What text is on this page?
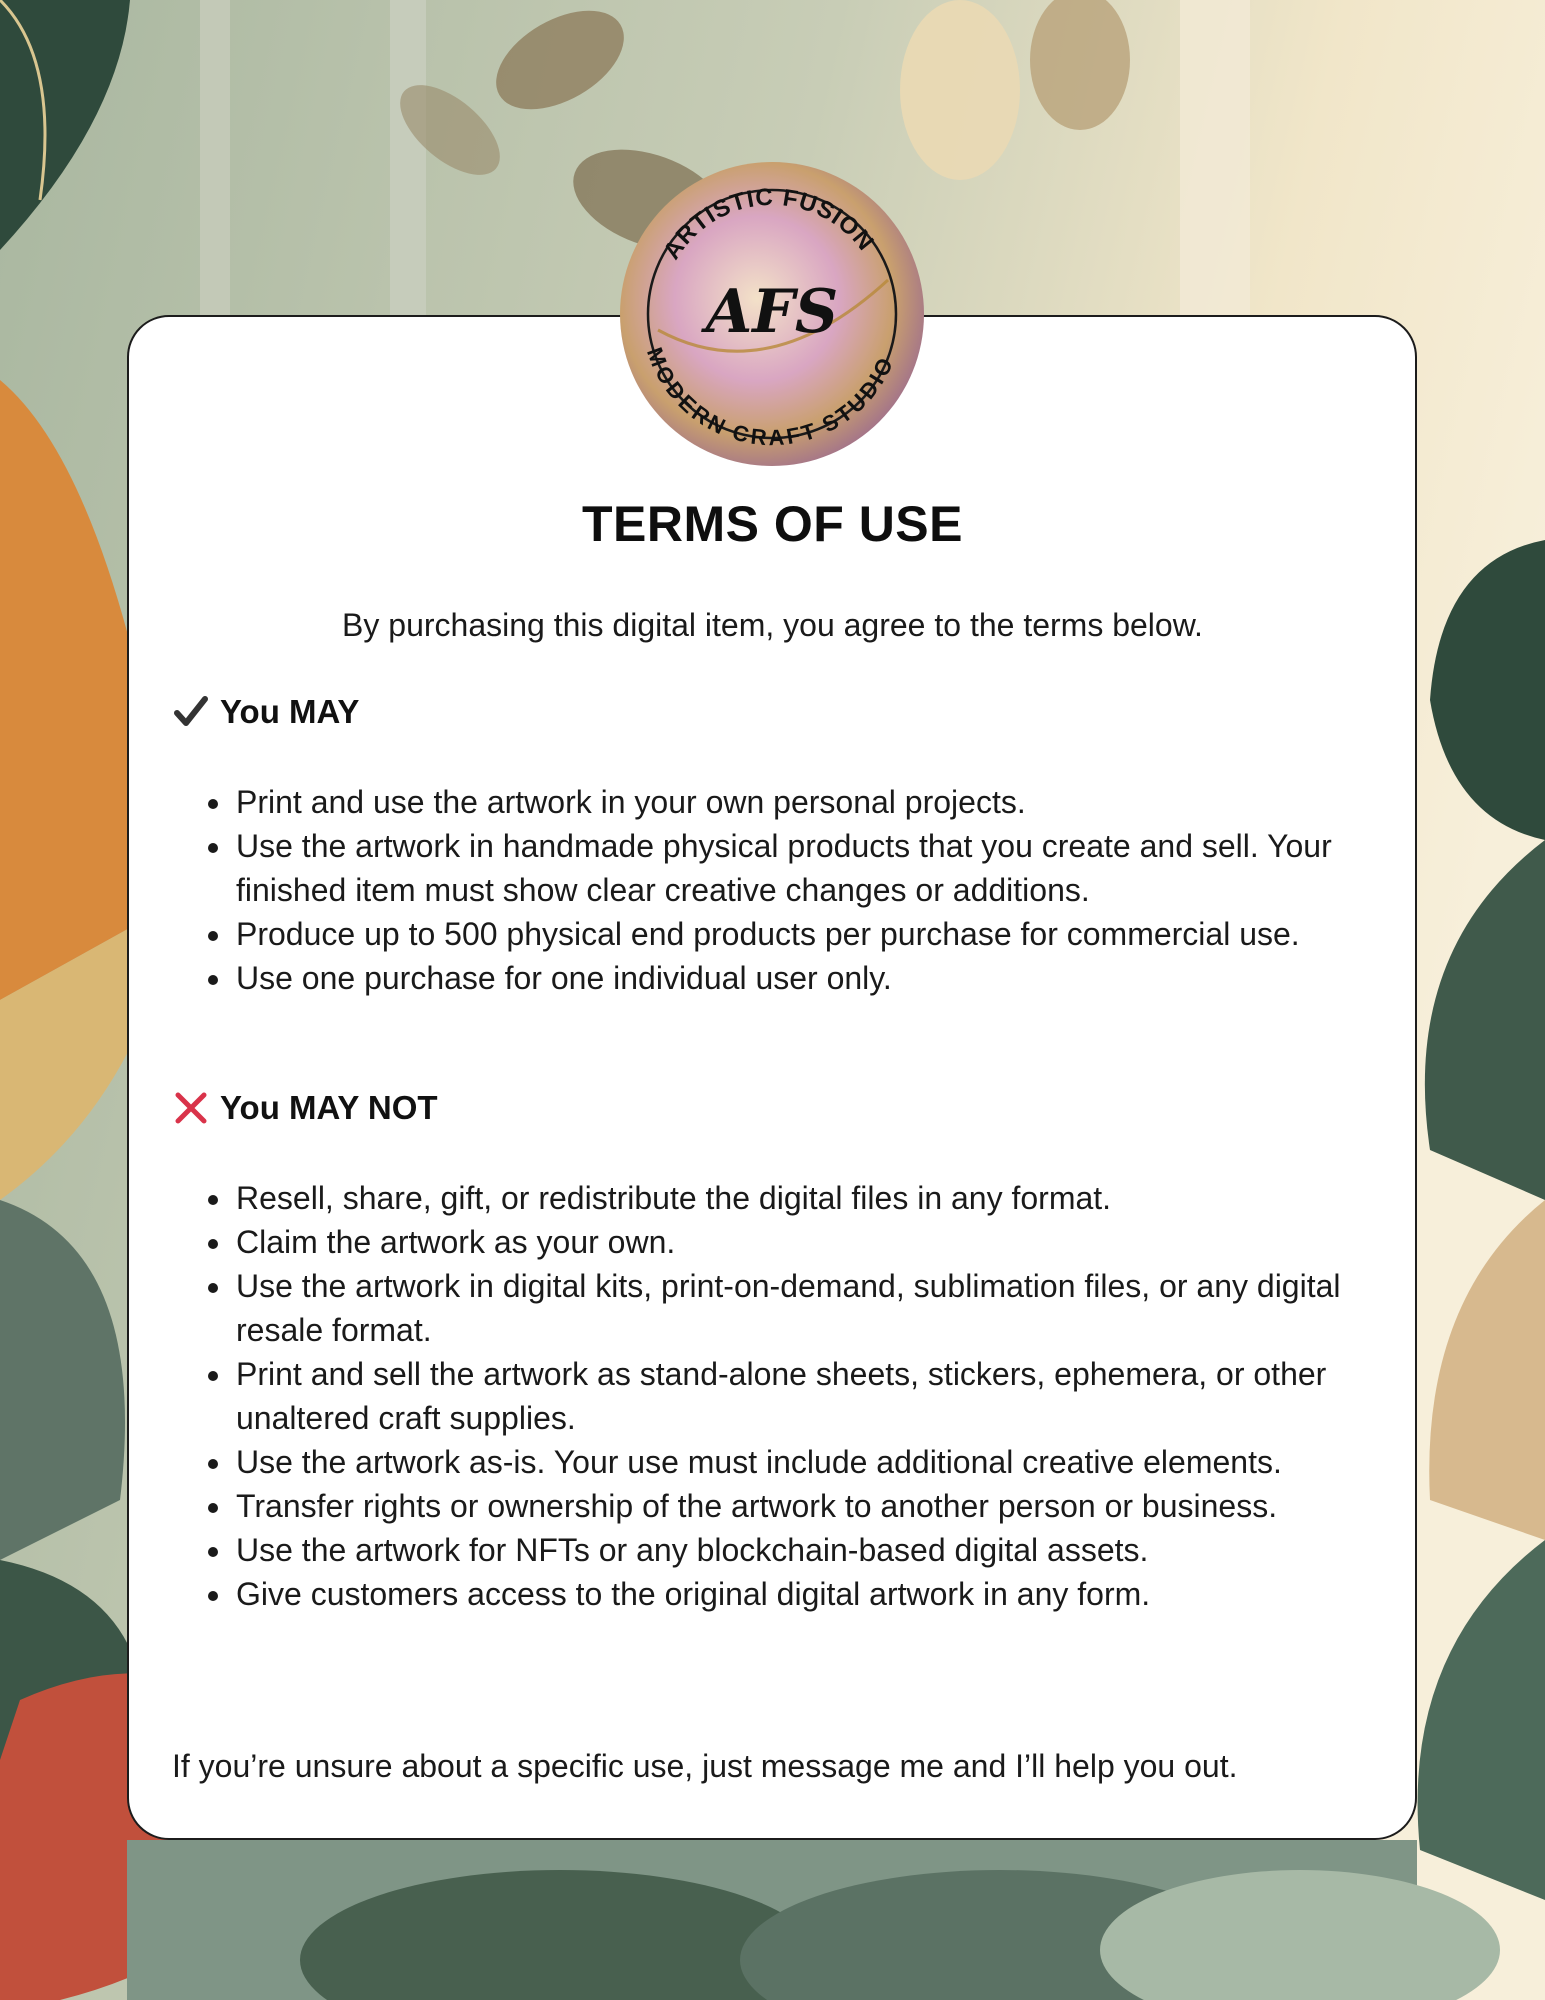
ARTISTIC FUSION
MODERN CRAFT STUDIO
AFS
TERMS OF USE
By purchasing this digital item, you agree to the terms below.
You MAY
• Print and use the artwork in your own personal projects.
• Use the artwork in handmade physical products that you create and sell. Your finished item must show clear creative changes or additions.
• Produce up to 500 physical end products per purchase for commercial use.
• Use one purchase for one individual user only.
You MAY NOT
• Resell, share, gift, or redistribute the digital files in any format.
• Claim the artwork as your own.
• Use the artwork in digital kits, print-on-demand, sublimation files, or any digital resale format.
• Print and sell the artwork as stand-alone sheets, stickers, ephemera, or other unaltered craft supplies.
• Use the artwork as-is. Your use must include additional creative elements.
• Transfer rights or ownership of the artwork to another person or business.
• Use the artwork for NFTs or any blockchain-based digital assets.
• Give customers access to the original digital artwork in any form.
If you’re unsure about a specific use, just message me and I’ll help you out.
